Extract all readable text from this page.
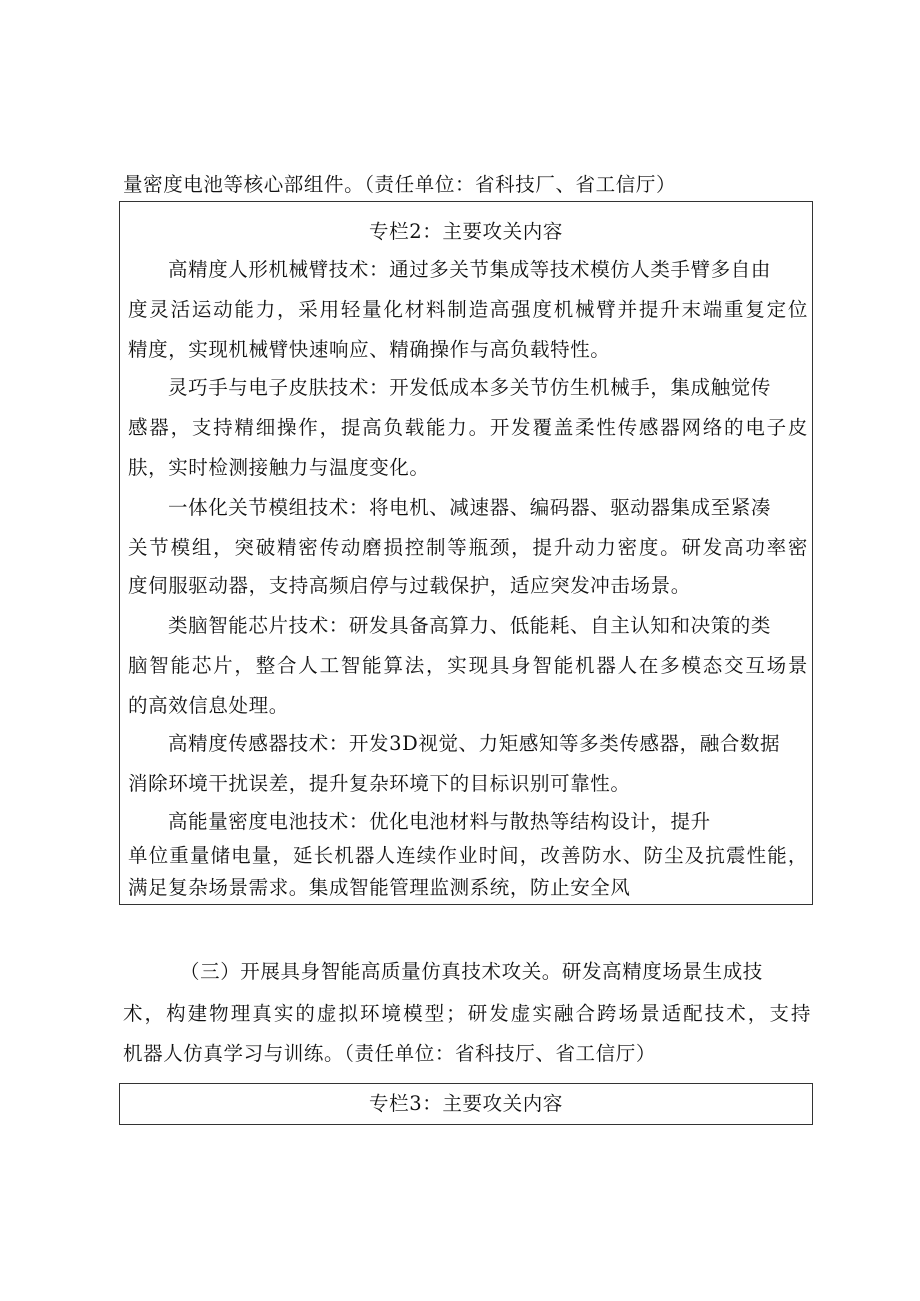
量密度电池等核心部组件。（责任单位：省科技厂、省工信厅）
专栏2：主要攻关内容
高精度人形机械臂技术：通过多关节集成等技术模仿人类手臂多自由
度灵活运动能力，采用轻量化材料制造高强度机械臂并提升末端重复定位
精度，实现机械臂快速响应、精确操作与高负载特性。
灵巧手与电子皮肤技术：开发低成本多关节仿生机械手，集成触觉传
感器，支持精细操作，提高负载能力。开发覆盖柔性传感器网络的电子皮
肤，实时检测接触力与温度变化。
一体化关节模组技术：将电机、减速器、编码器、驱动器集成至紧凑
关节模组，突破精密传动磨损控制等瓶颈，提升动力密度。研发高功率密
度伺服驱动器，支持高频启停与过载保护，适应突发冲击场景。
类脑智能芯片技术：研发具备高算力、低能耗、自主认知和决策的类
脑智能芯片，整合人工智能算法，实现具身智能机器人在多模态交互场景
的高效信息处理。
高精度传感器技术：开发3D视觉、力矩感知等多类传感器，融合数据
消除环境干扰误差，提升复杂环境下的目标识别可靠性。
高能量密度电池技术：优化电池材料与散热等结构设计，提升
单位重量储电量，延长机器人连续作业时间，改善防水、防尘及抗震性能，
满足复杂场景需求。集成智能管理监测系统，防止安全风
（三）开展具身智能高质量仿真技术攻关。研发高精度场景生成技
术，构建物理真实的虚拟环境模型；研发虚实融合跨场景适配技术，支持
机器人仿真学习与训练。（责任单位：省科技厅、省工信厅）
专栏3：主要攻关内容
